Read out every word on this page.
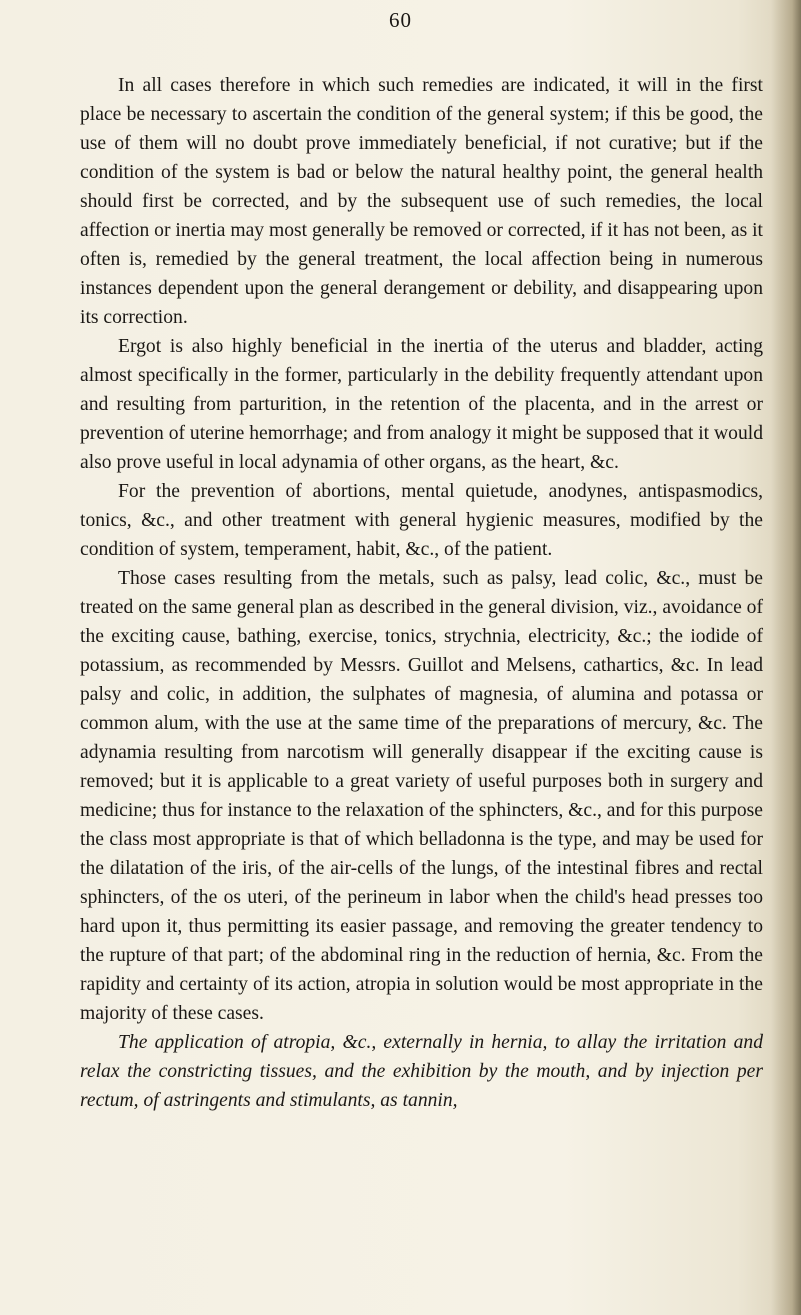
60

In all cases therefore in which such remedies are indicated, it will in the first place be necessary to ascertain the condition of the general system; if this be good, the use of them will no doubt prove immediately beneficial, if not curative; but if the condition of the system is bad or below the natural healthy point, the general health should first be corrected, and by the subsequent use of such remedies, the local affection or inertia may most generally be removed or corrected, if it has not been, as it often is, remedied by the general treatment, the local affection being in numerous instances dependent upon the general derangement or debility, and disappearing upon its correction.

Ergot is also highly beneficial in the inertia of the uterus and bladder, acting almost specifically in the former, particularly in the debility frequently attendant upon and resulting from parturition, in the retention of the placenta, and in the arrest or prevention of uterine hemorrhage; and from analogy it might be supposed that it would also prove useful in local adynamia of other organs, as the heart, &c.

For the prevention of abortions, mental quietude, anodynes, antispasmodics, tonics, &c., and other treatment with general hygienic measures, modified by the condition of system, temperament, habit, &c., of the patient.

Those cases resulting from the metals, such as palsy, lead colic, &c., must be treated on the same general plan as described in the general division, viz., avoidance of the exciting cause, bathing, exercise, tonics, strychnia, electricity, &c.; the iodide of potassium, as recommended by Messrs. Guillot and Melsens, cathartics, &c. In lead palsy and colic, in addition, the sulphates of magnesia, of alumina and potassa or common alum, with the use at the same time of the preparations of mercury, &c. The adynamia resulting from narcotism will generally disappear if the exciting cause is removed; but it is applicable to a great variety of useful purposes both in surgery and medicine; thus for instance to the relaxation of the sphincters, &c., and for this purpose the class most appropriate is that of which belladonna is the type, and may be used for the dilatation of the iris, of the air-cells of the lungs, of the intestinal fibres and rectal sphincters, of the os uteri, of the perineum in labor when the child's head presses too hard upon it, thus permitting its easier passage, and removing the greater tendency to the rupture of that part; of the abdominal ring in the reduction of hernia, &c. From the rapidity and certainty of its action, atropia in solution would be most appropriate in the majority of these cases.

The application of atropia, &c., externally in hernia, to allay the irritation and relax the constricting tissues, and the exhibition by the mouth, and by injection per rectum, of astringents and stimulants, as tannin,
